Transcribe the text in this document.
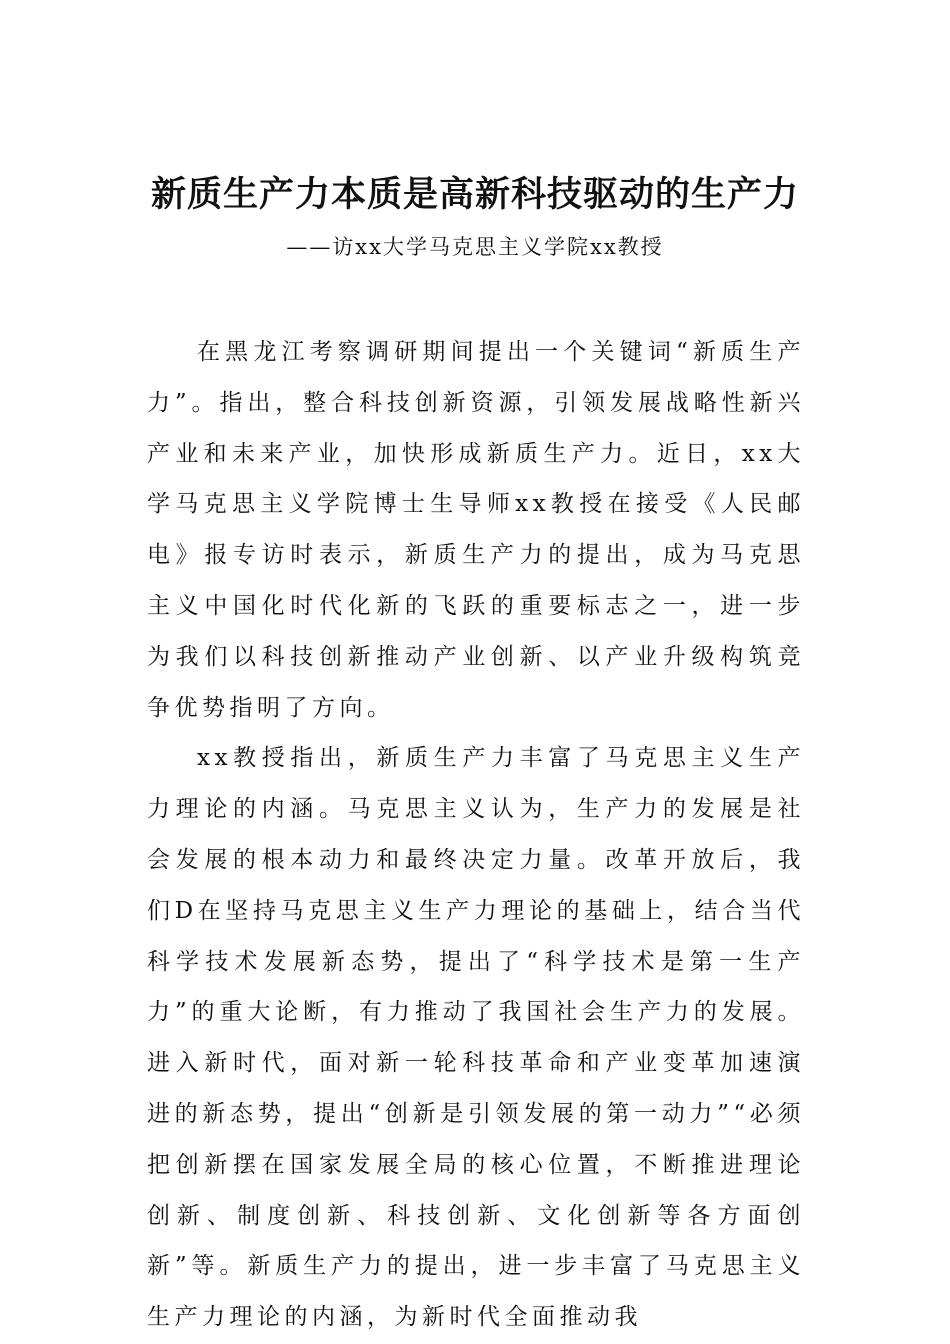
新质生产力本质是高新科技驱动的生产力
——访xx大学马克思主义学院xx教授

在黑龙江考察调研期间提出一个关键词“新质生产力”。指出，整合科技创新资源，引领发展战略性新兴产业和未来产业，加快形成新质生产力。近日，xx大学马克思主义学院博士生导师xx教授在接受《人民邮电》报专访时表示，新质生产力的提出，成为马克思主义中国化时代化新的飞跃的重要标志之一，进一步为我们以科技创新推动产业创新、以产业升级构筑竞争优势指明了方向。

xx教授指出，新质生产力丰富了马克思主义生产力理论的内涵。马克思主义认为，生产力的发展是社会发展的根本动力和最终决定力量。改革开放后，我们D在坚持马克思主义生产力理论的基础上，结合当代科学技术发展新态势，提出了“科学技术是第一生产力”的重大论断，有力推动了我国社会生产力的发展。进入新时代，面对新一轮科技革命和产业变革加速演进的新态势，提出“创新是引领发展的第一动力”“必须把创新摆在国家发展全局的核心位置，不断推进理论创新、制度创新、科技创新、文化创新等各方面创新”等。新质生产力的提出，进一步丰富了马克思主义生产力理论的内涵，为新时代全面推动我
